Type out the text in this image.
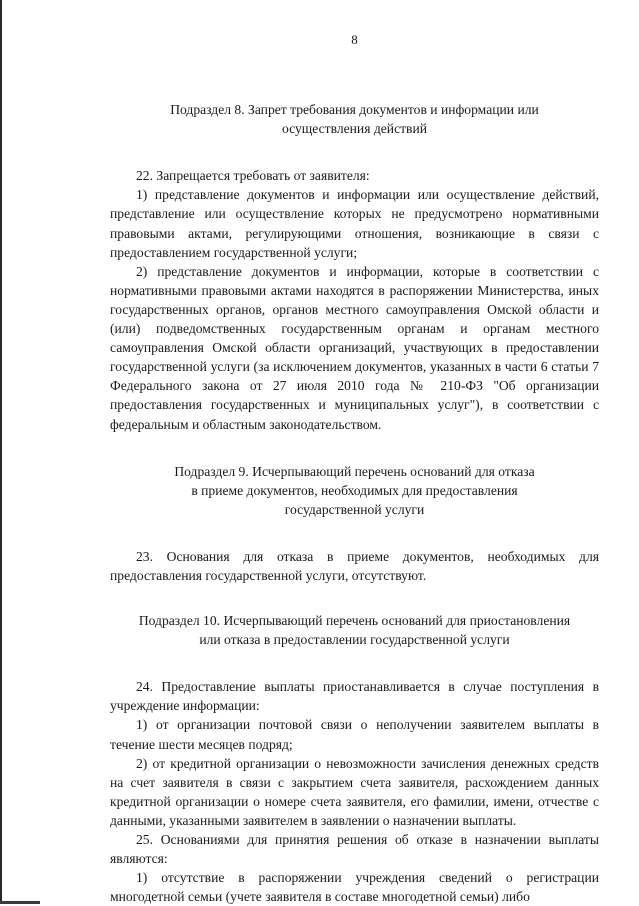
8
Подраздел 8. Запрет требования документов и информации или
осуществления действий

22. Запрещается требовать от заявителя:

1) представление документов и информации или осуществление действий, представление или осуществление которых не предусмотрено нормативными правовыми актами, регулирующими отношения, возникающие в связи с предоставлением государственной услуги;

2) представление документов и информации, которые в соответствии с нормативными правовыми актами находятся в распоряжении Министерства, иных государственных органов, органов местного самоуправления Омской области и (или) подведомственных государственным органам и органам местного самоуправления Омской области организаций, участвующих в предоставлении государственной услуги (за исключением документов, указанных в части 6 статьи 7 Федерального закона от 27 июля 2010 года № 210-ФЗ "Об организации предоставления государственных и муниципальных услуг"), в соответствии с федеральным и областным законодательством.

Подраздел 9. Исчерпывающий перечень оснований для отказа
в приеме документов, необходимых для предоставления
государственной услуги

23. Основания для отказа в приеме документов, необходимых для предоставления государственной услуги, отсутствуют.

Подраздел 10. Исчерпывающий перечень оснований для приостановления
или отказа в предоставлении государственной услуги

24. Предоставление выплаты приостанавливается в случае поступления в учреждение информации:

1) от организации почтовой связи о неполучении заявителем выплаты в течение шести месяцев подряд;

2) от кредитной организации о невозможности зачисления денежных средств на счет заявителя в связи с закрытием счета заявителя, расхождением данных кредитной организации о номере счета заявителя, его фамилии, имени, отчестве с данными, указанными заявителем в заявлении о назначении выплаты.

25. Основаниями для принятия решения об отказе в назначении выплаты являются:

1) отсутствие в распоряжении учреждения сведений о регистрации многодетной семьи (учете заявителя в составе многодетной семьи) либо
